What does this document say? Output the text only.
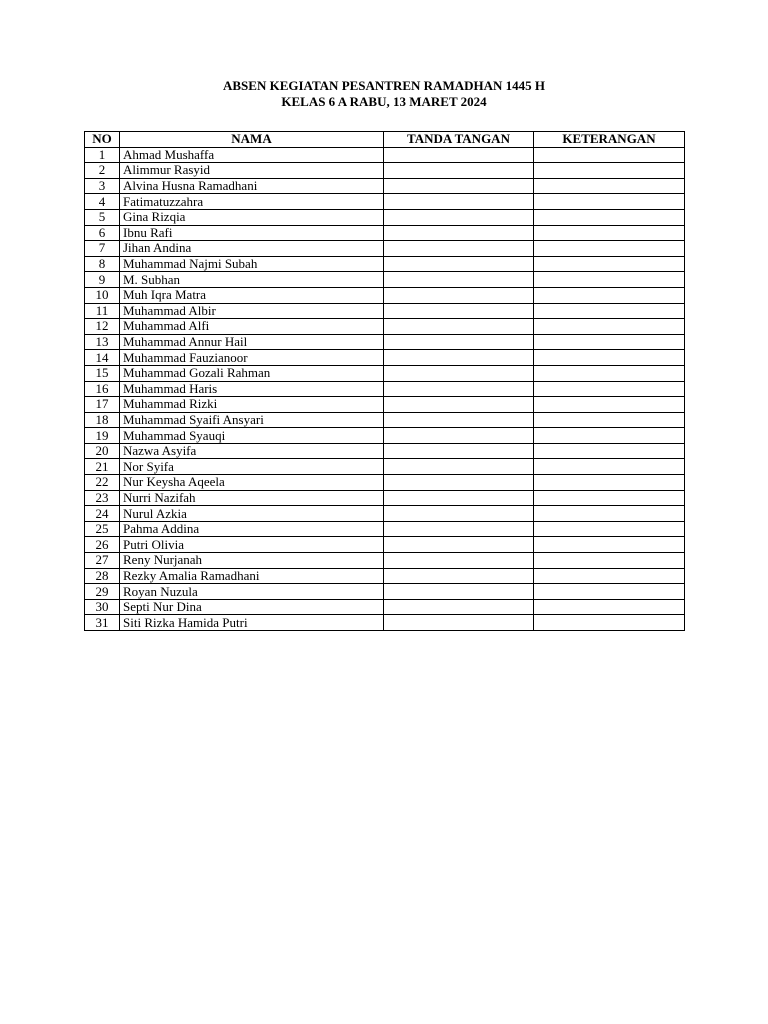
ABSEN KEGIATAN PESANTREN RAMADHAN 1445 H

KELAS 6 A RABU, 13 MARET 2024

NO	NAMA	TANDA TANGAN	KETERANGAN
1	Ahmad Mushaffa		
2	Alimmur Rasyid		
3	Alvina Husna Ramadhani		
4	Fatimatuzzahra		
5	Gina Rizqia		
6	Ibnu Rafi		
7	Jihan Andina		
8	Muhammad Najmi Subah		
9	M. Subhan		
10	Muh Iqra Matra		
11	Muhammad Albir		
12	Muhammad Alfi		
13	Muhammad Annur Hail		
14	Muhammad Fauzianoor		
15	Muhammad Gozali Rahman		
16	Muhammad Haris		
17	Muhammad Rizki		
18	Muhammad Syaifi Ansyari		
19	Muhammad Syauqi		
20	Nazwa Asyifa		
21	Nor Syifa		
22	Nur Keysha Aqeela		
23	Nurri Nazifah		
24	Nurul Azkia		
25	Pahma Addina		
26	Putri Olivia		
27	Reny Nurjanah		
28	Rezky Amalia Ramadhani		
29	Royan Nuzula		
30	Septi Nur Dina		
31	Siti Rizka Hamida Putri		
